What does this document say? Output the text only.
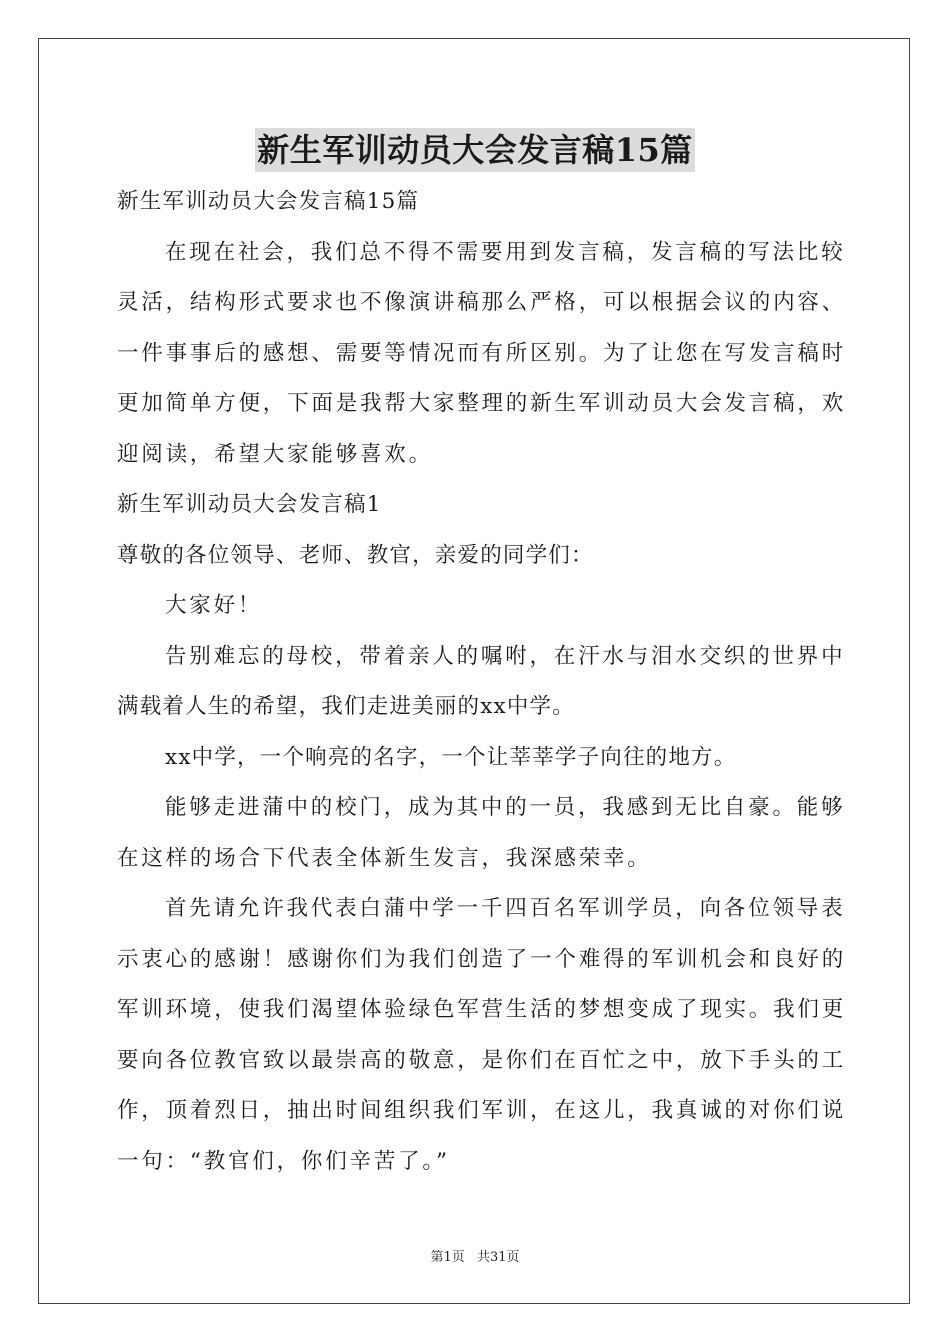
新生军训动员大会发言稿15篇
新生军训动员大会发言稿15篇
在现在社会，我们总不得不需要用到发言稿，发言稿的写法比较
灵活，结构形式要求也不像演讲稿那么严格，可以根据会议的内容、
一件事事后的感想、需要等情况而有所区别。为了让您在写发言稿时
更加简单方便，下面是我帮大家整理的新生军训动员大会发言稿，欢
迎阅读，希望大家能够喜欢。
新生军训动员大会发言稿1
尊敬的各位领导、老师、教官，亲爱的同学们：
大家好！
告别难忘的母校，带着亲人的嘱咐，在汗水与泪水交织的世界中
满载着人生的希望，我们走进美丽的xx中学。
xx中学，一个响亮的名字，一个让莘莘学子向往的地方。
能够走进蒲中的校门，成为其中的一员，我感到无比自豪。能够
在这样的场合下代表全体新生发言，我深感荣幸。
首先请允许我代表白蒲中学一千四百名军训学员，向各位领导表
示衷心的感谢！感谢你们为我们创造了一个难得的军训机会和良好的
军训环境，使我们渴望体验绿色军营生活的梦想变成了现实。我们更
要向各位教官致以最崇高的敬意，是你们在百忙之中，放下手头的工
作，顶着烈日，抽出时间组织我们军训，在这儿，我真诚的对你们说
一句：“教官们，你们辛苦了。”
第1页 共31页
